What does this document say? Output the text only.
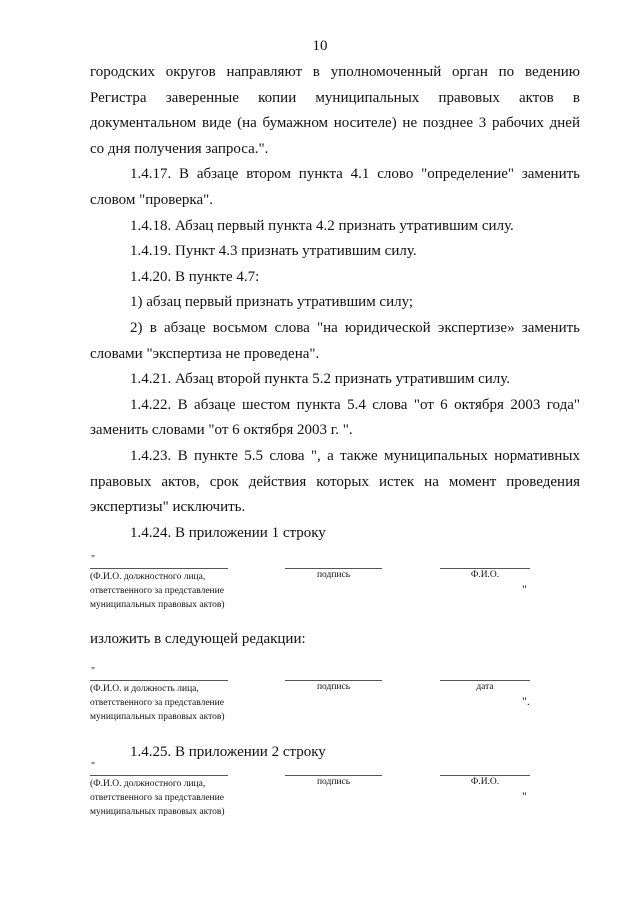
10
городских округов направляют в уполномоченный орган по ведению
Регистра заверенные копии муниципальных правовых актов в
документальном виде (на бумажном носителе) не позднее 3 рабочих дней
со дня получения запроса.".
1.4.17. В абзаце втором пункта 4.1 слово "определение" заменить словом "проверка".
1.4.18. Абзац первый пункта 4.2 признать утратившим силу.
1.4.19. Пункт 4.3 признать утратившим силу.
1.4.20. В пункте 4.7:
1) абзац первый признать утратившим силу;
2) в абзаце восьмом слова "на юридической экспертизе» заменить словами "экспертиза не проведена".
1.4.21. Абзац второй пункта 5.2 признать утратившим силу.
1.4.22. В абзаце шестом пункта 5.4 слова "от 6 октября 2003 года" заменить словами "от 6 октября 2003 г. ".
1.4.23. В пункте 5.5 слова ", а также муниципальных нормативных правовых актов, срок действия которых истек на момент проведения экспертизы" исключить.
1.4.24. В приложении 1 строку
"
(Ф.И.О. должностного лица,
ответственного за представление
муниципальных правовых актов)
подпись	Ф.И.О.
"
изложить в следующей редакции:
"
(Ф.И.О. и должность лица,
ответственного за представление
муниципальных правовых актов)
подпись	дата
".
1.4.25. В приложении 2 строку
"
(Ф.И.О. должностного лица,
ответственного за представление
муниципальных правовых актов)
подпись	Ф.И.О.
"
